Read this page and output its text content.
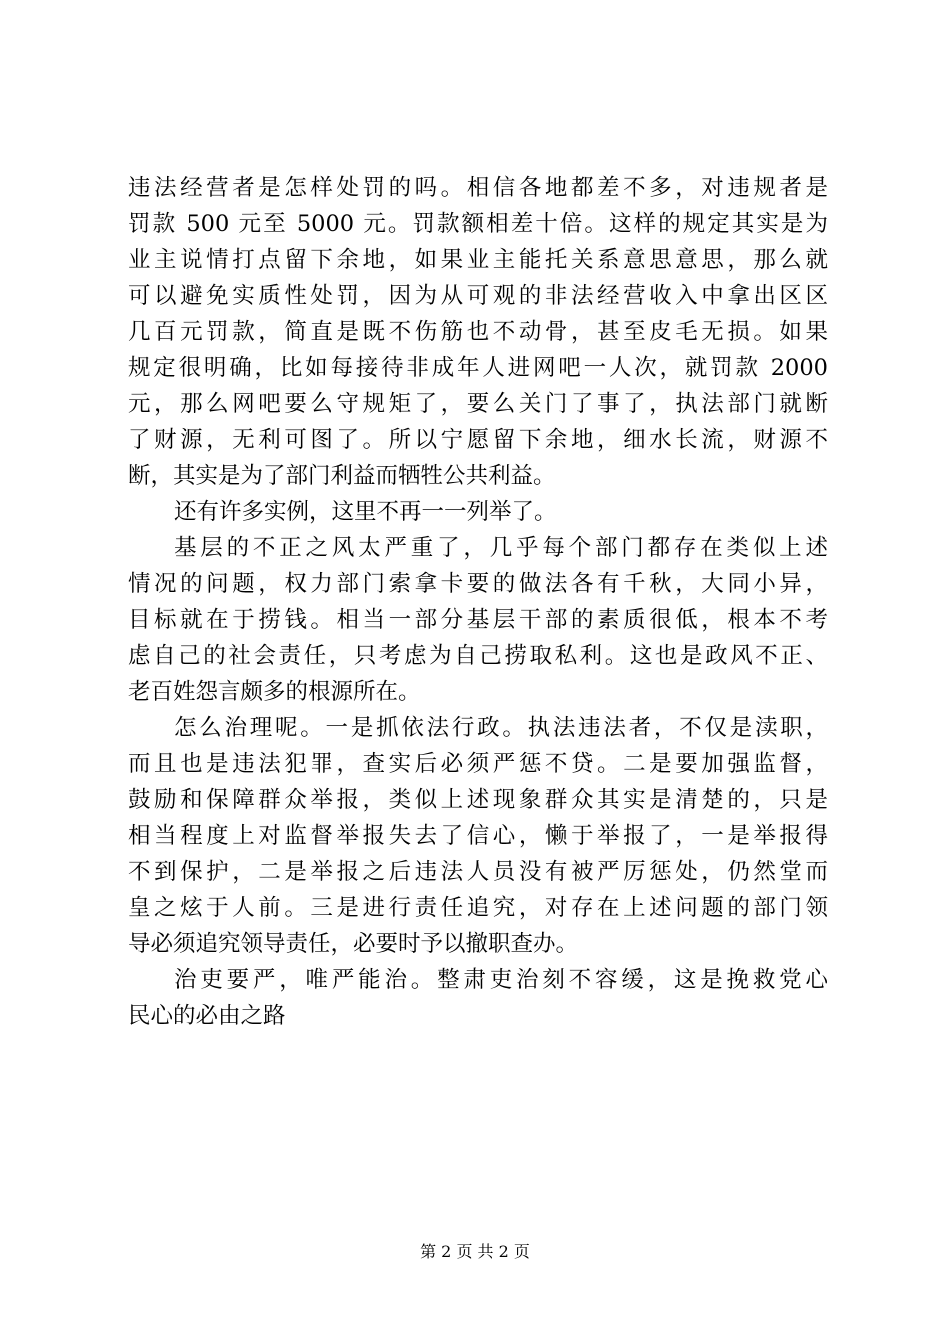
违法经营者是怎样处罚的吗。相信各地都差不多，对违规者是
罚款 500 元至 5000 元。罚款额相差十倍。这样的规定其实是为
业主说情打点留下余地，如果业主能托关系意思意思，那么就
可以避免实质性处罚，因为从可观的非法经营收入中拿出区区
几百元罚款，简直是既不伤筋也不动骨，甚至皮毛无损。如果
规定很明确，比如每接待非成年人进网吧一人次，就罚款 2000
元，那么网吧要么守规矩了，要么关门了事了，执法部门就断
了财源，无利可图了。所以宁愿留下余地，细水长流，财源不
断，其实是为了部门利益而牺牲公共利益。
还有许多实例，这里不再一一列举了。
基层的不正之风太严重了，几乎每个部门都存在类似上述
情况的问题，权力部门索拿卡要的做法各有千秋，大同小异，
目标就在于捞钱。相当一部分基层干部的素质很低，根本不考
虑自己的社会责任，只考虑为自己捞取私利。这也是政风不正、
老百姓怨言颇多的根源所在。
怎么治理呢。一是抓依法行政。执法违法者，不仅是渎职，
而且也是违法犯罪，查实后必须严惩不贷。二是要加强监督，
鼓励和保障群众举报，类似上述现象群众其实是清楚的，只是
相当程度上对监督举报失去了信心，懒于举报了，一是举报得
不到保护，二是举报之后违法人员没有被严厉惩处，仍然堂而
皇之炫于人前。三是进行责任追究，对存在上述问题的部门领
导必须追究领导责任，必要时予以撤职查办。
治吏要严，唯严能治。整肃吏治刻不容缓，这是挽救党心
民心的必由之路
第 2 页 共 2 页
